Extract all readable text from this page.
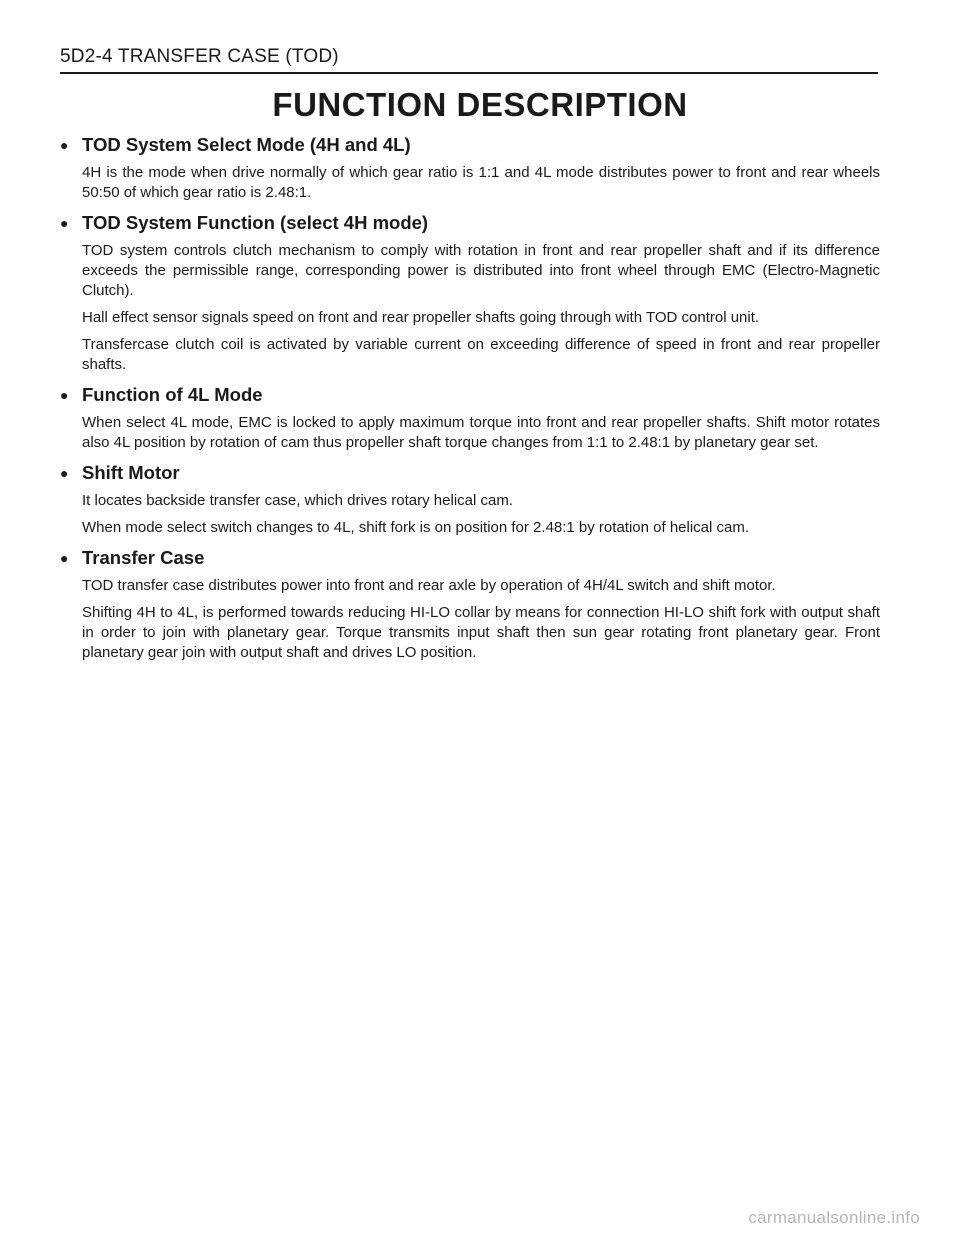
5D2-4 TRANSFER CASE (TOD)
FUNCTION DESCRIPTION
● TOD System Select Mode (4H and 4L)
4H is the mode when drive normally of which gear ratio is 1:1 and 4L mode distributes power to front and rear wheels 50:50 of which gear ratio is 2.48:1.
● TOD System Function (select 4H mode)
TOD system controls clutch mechanism to comply with rotation in front and rear propeller shaft and if its difference exceeds the permissible range, corresponding power is distributed into front wheel through EMC (Electro-Magnetic Clutch).
Hall effect sensor signals speed on front and rear propeller shafts going through with TOD control unit.
Transfercase clutch coil is activated by variable current on exceeding difference of speed in front and rear propeller shafts.
● Function of 4L Mode
When select 4L mode, EMC is locked to apply maximum torque into front and rear propeller shafts. Shift motor rotates also 4L position by rotation of cam thus propeller shaft torque changes from 1:1 to 2.48:1 by planetary gear set.
● Shift Motor
It locates backside transfer case, which drives rotary helical cam.
When mode select switch changes to 4L, shift fork is on position for 2.48:1 by rotation of helical cam.
● Transfer Case
TOD transfer case distributes power into front and rear axle by operation of 4H/4L switch and shift motor.
Shifting 4H to 4L, is performed towards reducing HI-LO collar by means for connection HI-LO shift fork with output shaft in order to join with planetary gear. Torque transmits input shaft then sun gear rotating front planetary gear. Front planetary gear join with output shaft and drives LO position.
carmanualsonline.info
